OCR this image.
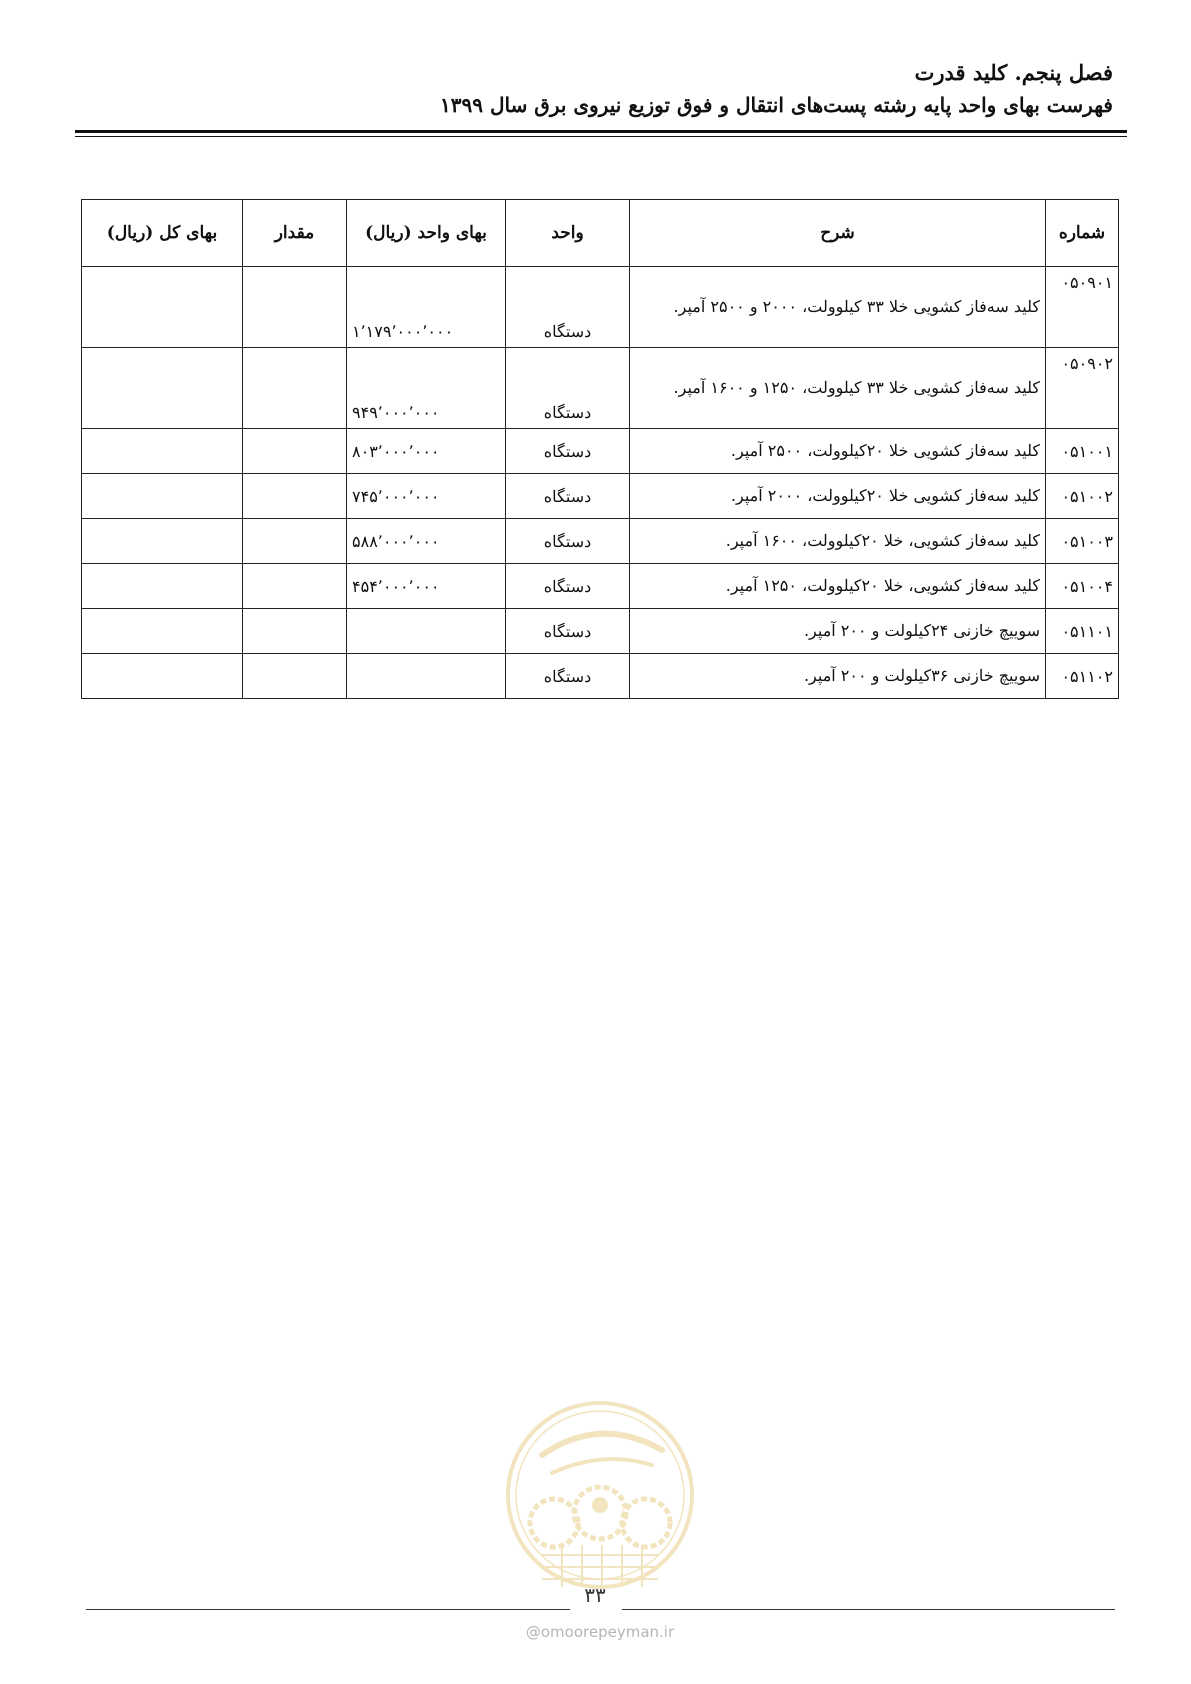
فصل پنجم. کلید قدرت
فهرست بهای واحد پایه رشته پست‌های انتقال و فوق توزیع نیروی برق سال ۱۳۹۹
شماره	شرح	واحد	بهای واحد (ریال)	مقدار	بهای کل (ریال)
۰۵۰۹۰۱	کلید سه‌فاز کشویی خلا ۳۳ کیلوولت، ۲۰۰۰ و ۲۵۰۰ آمپر.	دستگاه	۱٬۱۷۹٬۰۰۰٬۰۰۰		
۰۵۰۹۰۲	کلید سه‌فاز کشویی خلا ۳۳ کیلوولت، ۱۲۵۰ و ۱۶۰۰ آمپر.	دستگاه	۹۴۹٬۰۰۰٬۰۰۰		
۰۵۱۰۰۱	کلید سه‌فاز کشویی خلا ۲۰کیلوولت، ۲۵۰۰ آمپر.	دستگاه	۸۰۳٬۰۰۰٬۰۰۰		
۰۵۱۰۰۲	کلید سه‌فاز کشویی خلا ۲۰کیلوولت، ۲۰۰۰ آمپر.	دستگاه	۷۴۵٬۰۰۰٬۰۰۰		
۰۵۱۰۰۳	کلید سه‌فاز کشویی، خلا ۲۰کیلوولت، ۱۶۰۰ آمپر.	دستگاه	۵۸۸٬۰۰۰٬۰۰۰		
۰۵۱۰۰۴	کلید سه‌فاز کشویی، خلا ۲۰کیلوولت، ۱۲۵۰ آمپر.	دستگاه	۴۵۴٬۰۰۰٬۰۰۰		
۰۵۱۱۰۱	سوییچ خازنی ۲۴کیلولت و ۲۰۰ آمپر.	دستگاه			
۰۵۱۱۰۲	سوییچ خازنی ۳۶کیلولت و ۲۰۰ آمپر.	دستگاه			
۳۳
@omoorepeyman.ir
